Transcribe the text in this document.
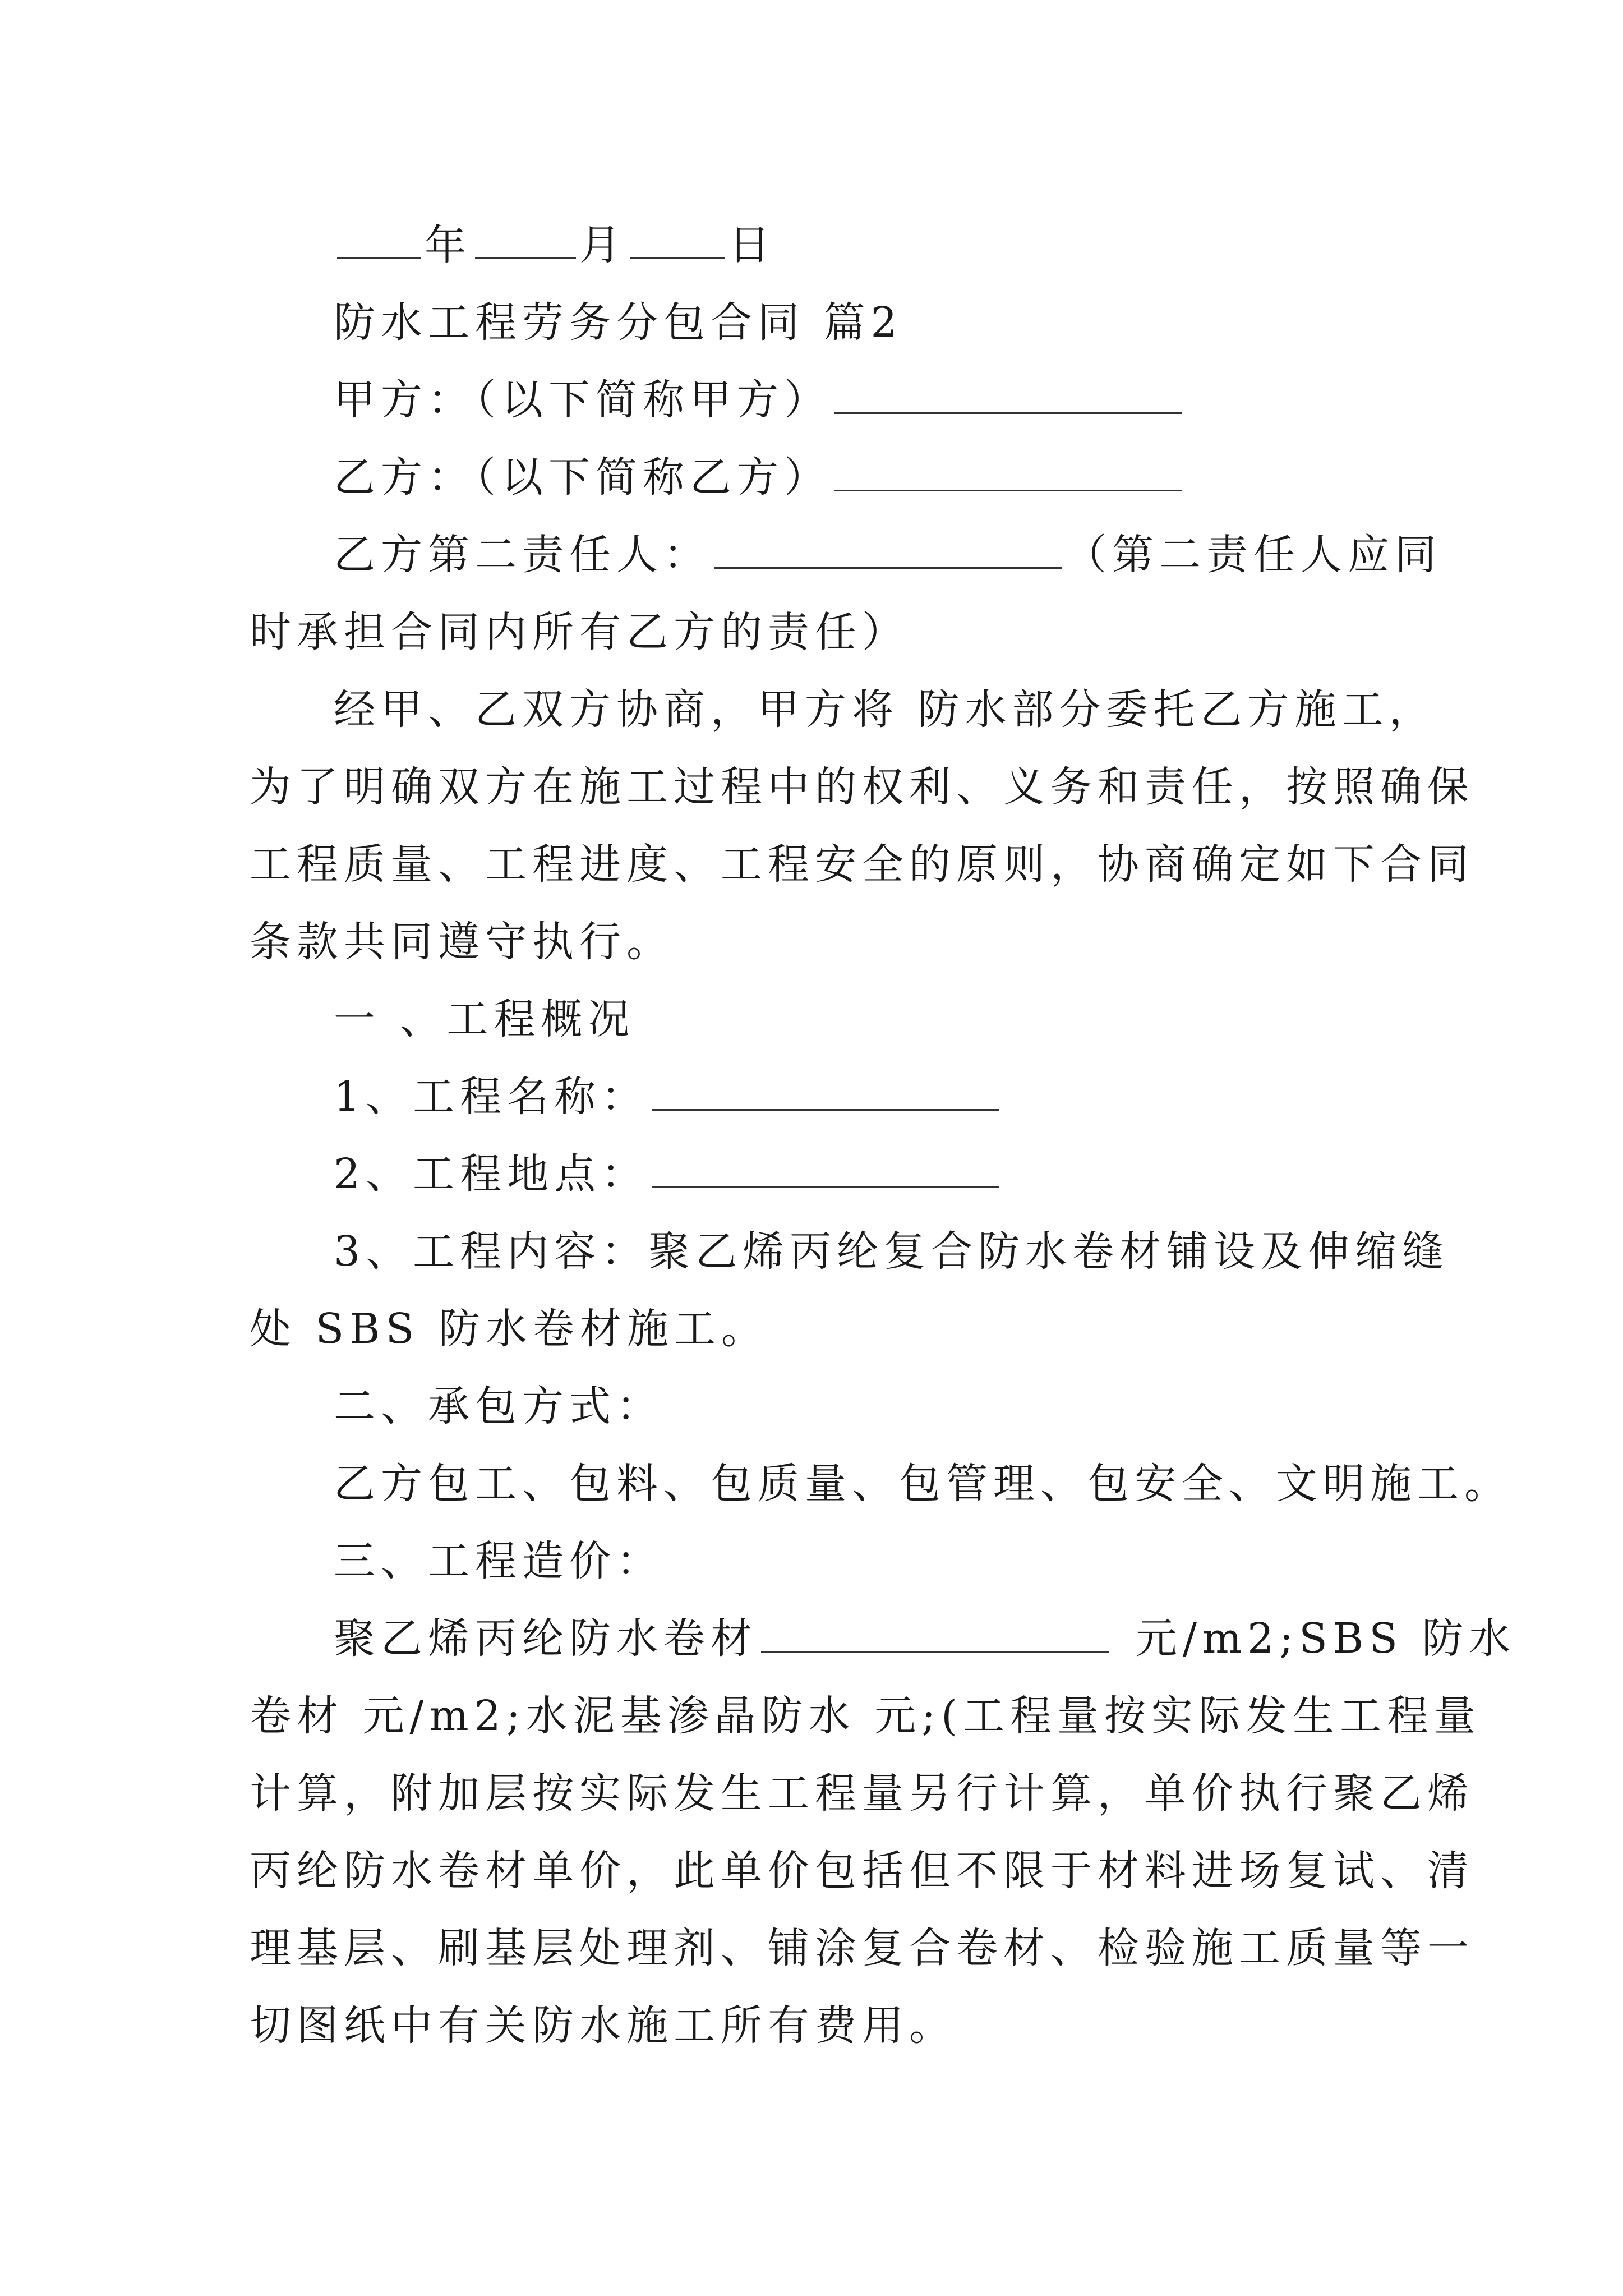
年	月 日
防水工程劳务分包合同 篇2
甲方：（以下简称甲方）
乙方：（以下简称乙方）
乙方第二责任人：	（第二责任人应同
时承担合同内所有乙方的责任）
经甲、乙双方协商，甲方将 防水部分委托乙方施工，
为了明确双方在施工过程中的权利、义务和责任，按照确保
工程质量、工程进度、工程安全的原则，协商确定如下合同
条款共同遵守执行。
一 、工程概况
1、工程名称：
2、工程地点：
3、工程内容：聚乙烯丙纶复合防水卷材铺设及伸缩缝
处 SBS 防水卷材施工。
二、承包方式：
乙方包工、包料、包质量、包管理、包安全、文明施工。
三、工程造价：
聚乙烯丙纶防水卷材	元/m2;SBS 防水
卷材 元/m2;水泥基渗晶防水 元;(工程量按实际发生工程量
计算，附加层按实际发生工程量另行计算，单价执行聚乙烯
丙纶防水卷材单价，此单价包括但不限于材料进场复试、清
理基层、刷基层处理剂、铺涂复合卷材、检验施工质量等一
切图纸中有关防水施工所有费用。
